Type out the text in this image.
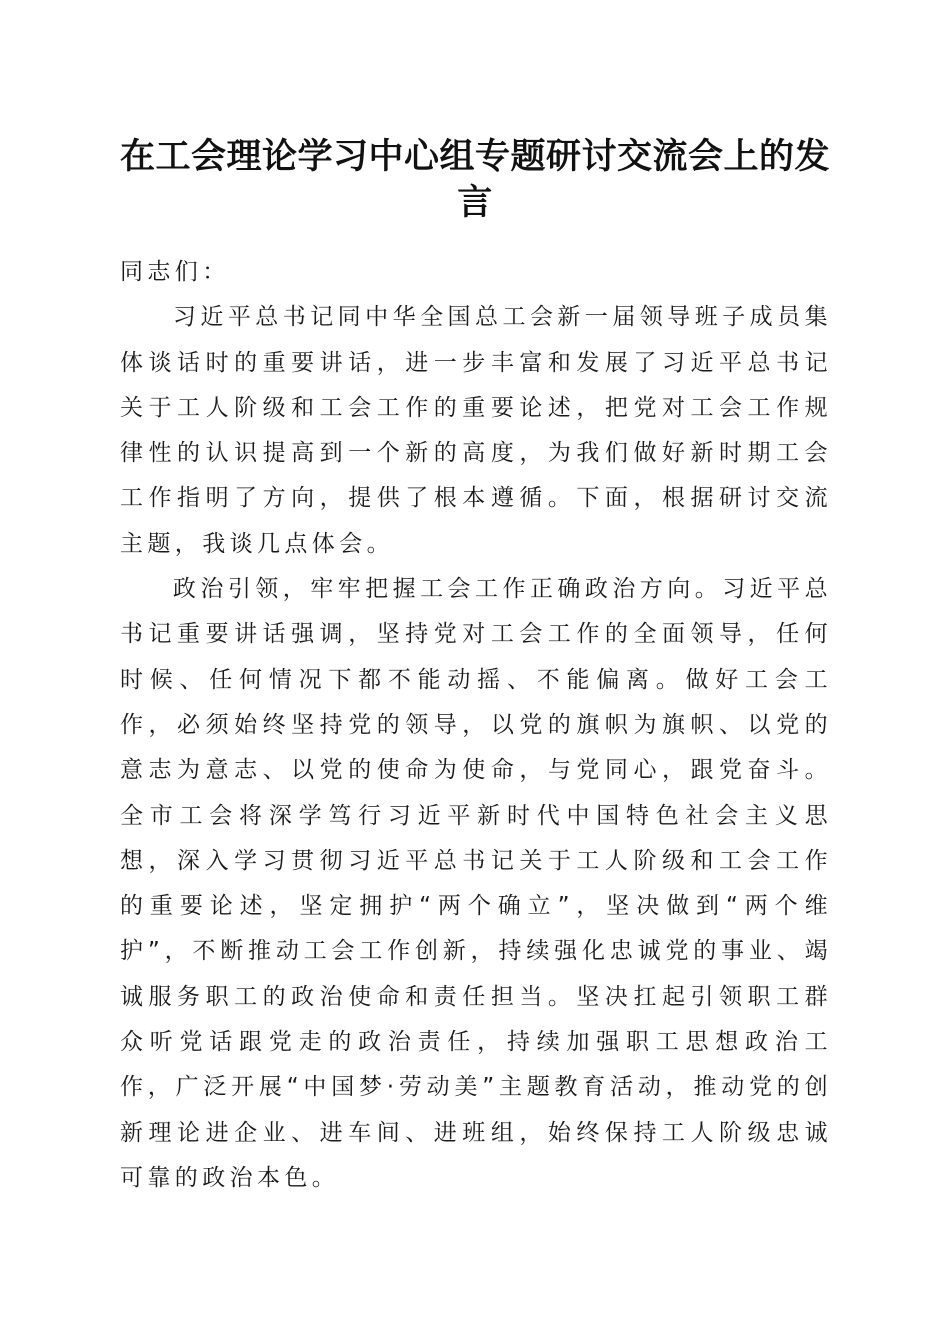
在工会理论学习中心组专题研讨交流会上的发言

同志们：

习近平总书记同中华全国总工会新一届领导班子成员集体谈话时的重要讲话，进一步丰富和发展了习近平总书记关于工人阶级和工会工作的重要论述，把党对工会工作规律性的认识提高到一个新的高度，为我们做好新时期工会工作指明了方向，提供了根本遵循。下面，根据研讨交流主题，我谈几点体会。

政治引领，牢牢把握工会工作正确政治方向。习近平总书记重要讲话强调，坚持党对工会工作的全面领导，任何时候、任何情况下都不能动摇、不能偏离。做好工会工作，必须始终坚持党的领导，以党的旗帜为旗帜、以党的意志为意志、以党的使命为使命，与党同心，跟党奋斗。全市工会将深学笃行习近平新时代中国特色社会主义思想，深入学习贯彻习近平总书记关于工人阶级和工会工作的重要论述，坚定拥护“两个确立”，坚决做到“两个维护”，不断推动工会工作创新，持续强化忠诚党的事业、竭诚服务职工的政治使命和责任担当。坚决扛起引领职工群众听党话跟党走的政治责任，持续加强职工思想政治工作，广泛开展“中国梦·劳动美”主题教育活动，推动党的创新理论进企业、进车间、进班组，始终保持工人阶级忠诚可靠的政治本色。
